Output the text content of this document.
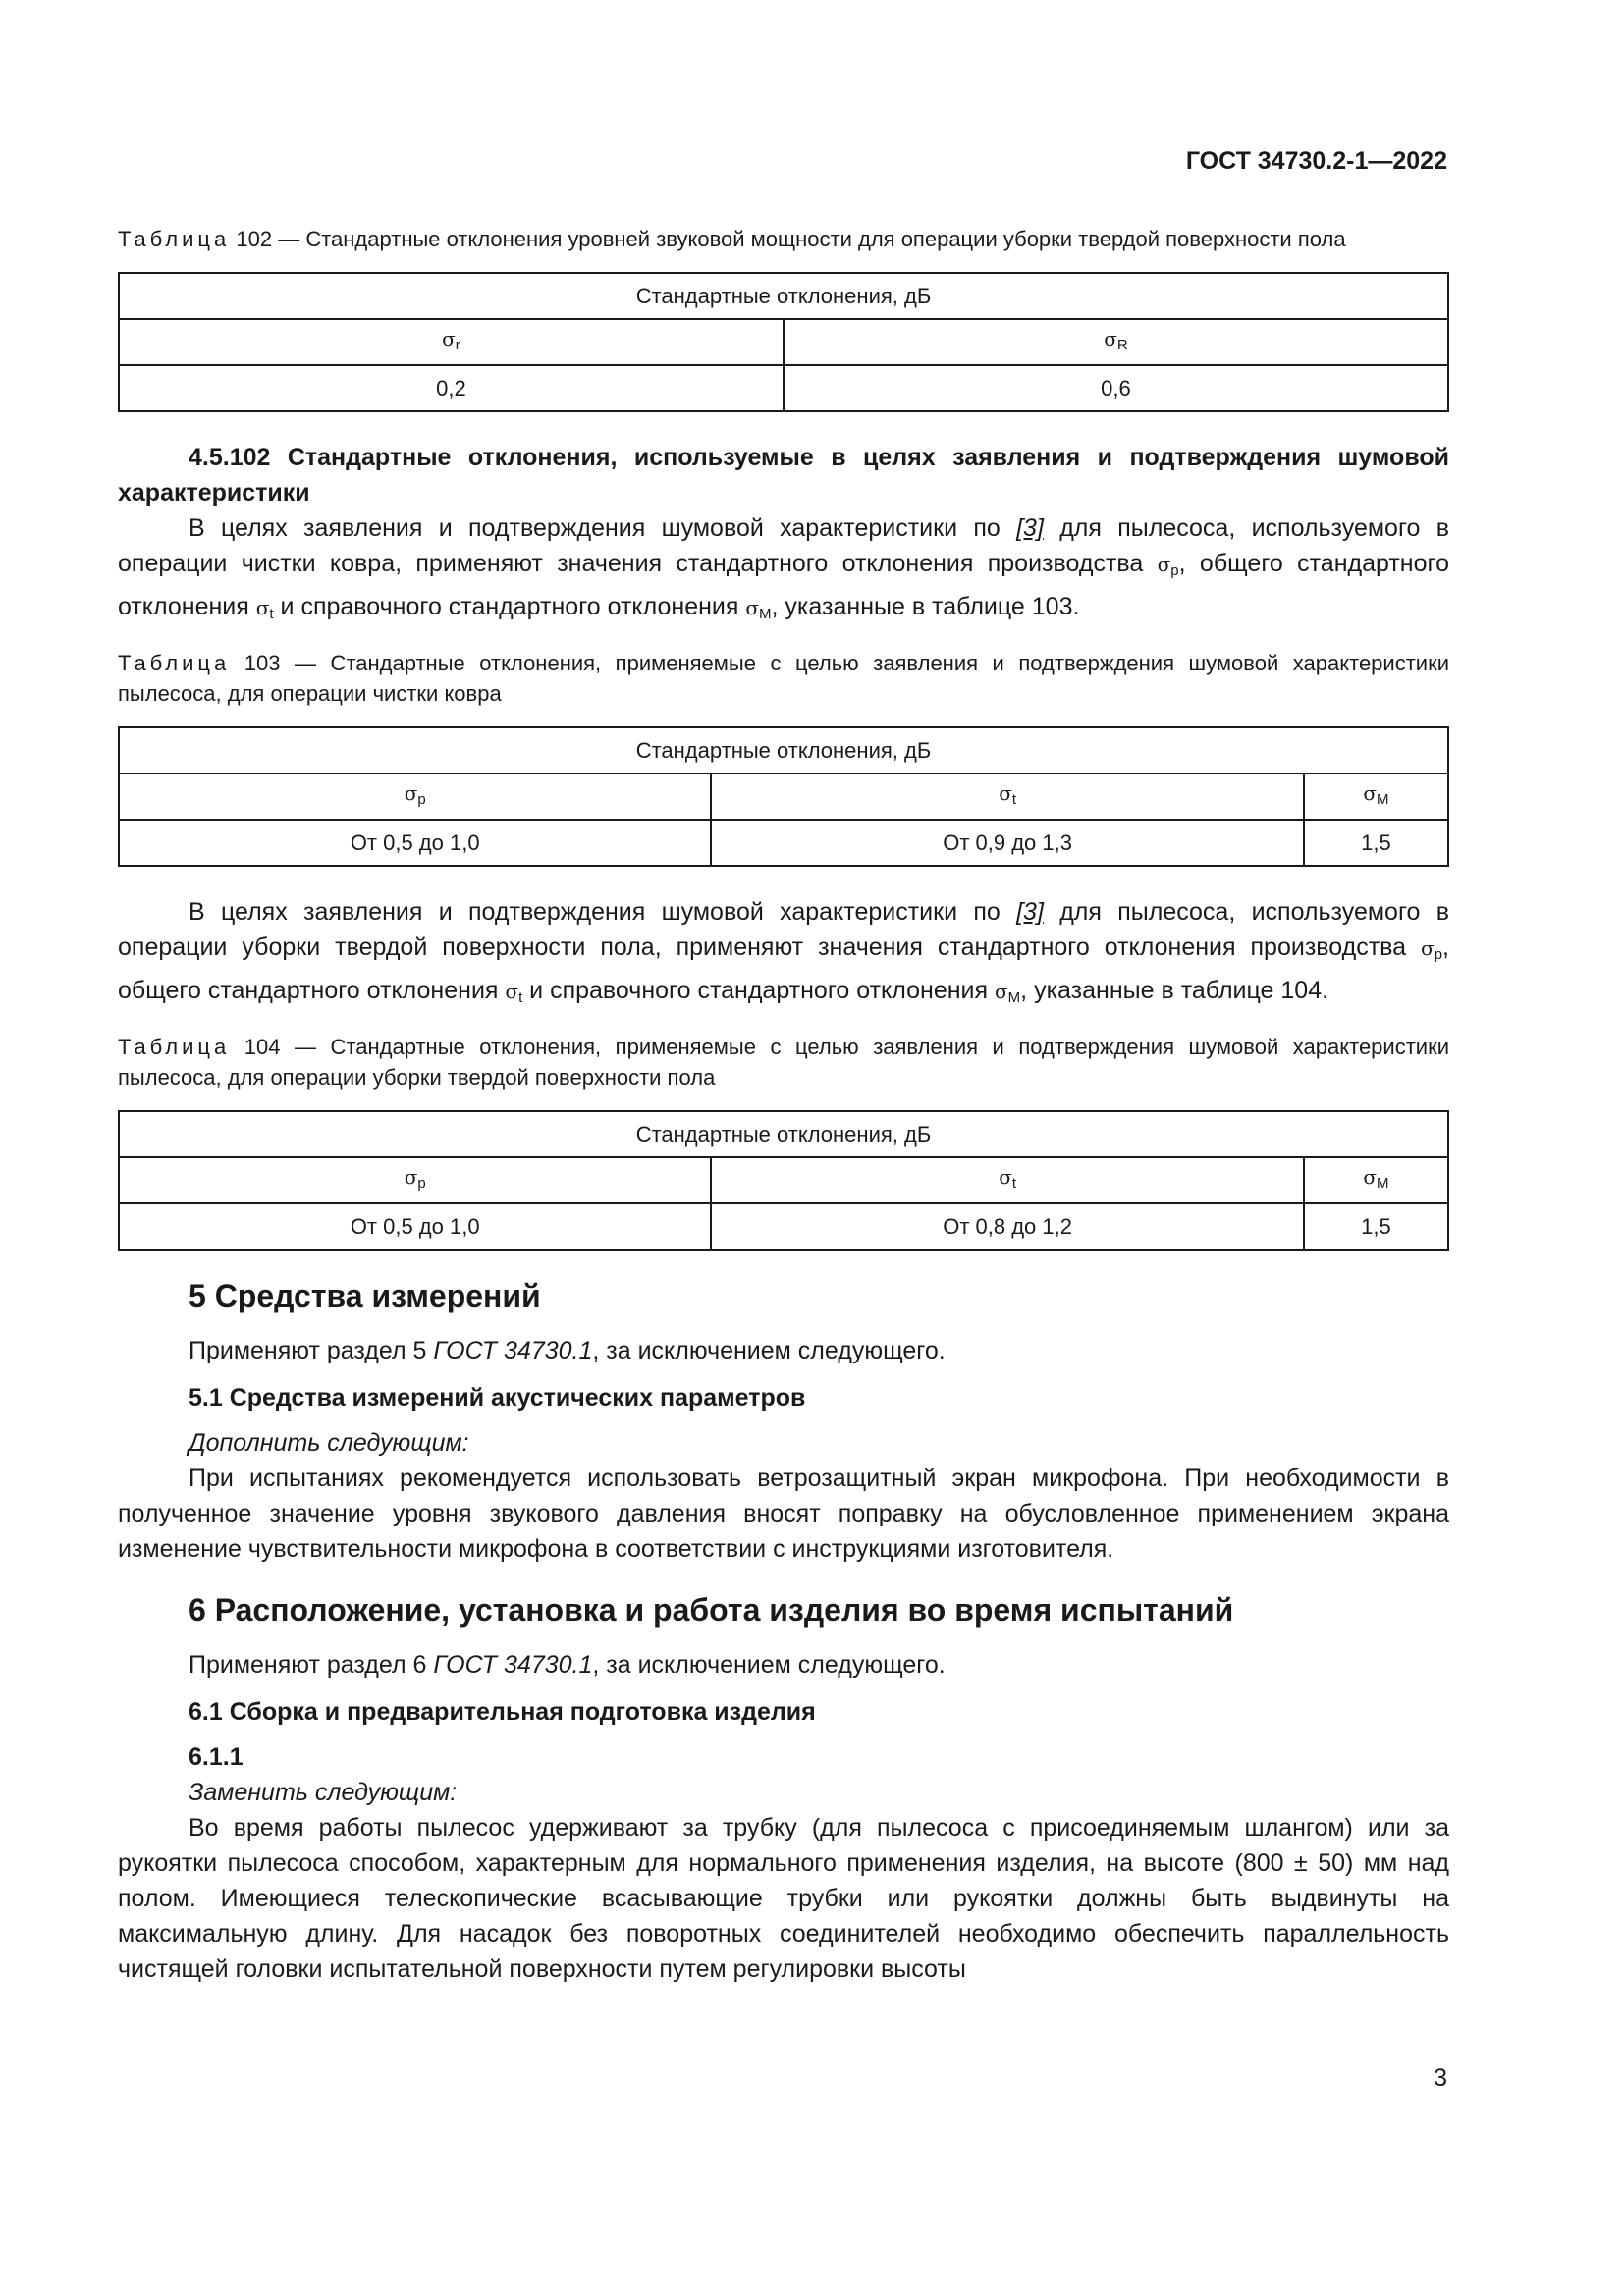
ГОСТ 34730.2-1—2022

Таблица 102 — Стандартные отклонения уровней звуковой мощности для операции уборки твердой поверхности пола

Стандартные отклонения, дБ	
$\sigma_r$	$\sigma_R$
0,2	0,6

4.5.102 Стандартные отклонения, используемые в целях заявления и подтверждения шумовой характеристики

В целях заявления и подтверждения шумовой характеристики по [3] для пылесоса, используемого в операции чистки ковра, применяют значения стандартного отклонения производства $\sigma_p$, общего стандартного отклонения $\sigma_t$ и справочного стандартного отклонения $\sigma_M$, указанные в таблице 103.

Таблица 103 — Стандартные отклонения, применяемые с целью заявления и подтверждения шумовой характеристики пылесоса, для операции чистки ковра

Стандартные отклонения, дБ		
$\sigma_p$	$\sigma_t$	$\sigma_M$
От 0,5 до 1,0	От 0,9 до 1,3	1,5

В целях заявления и подтверждения шумовой характеристики по [3] для пылесоса, используемого в операции уборки твердой поверхности пола, применяют значения стандартного отклонения производства $\sigma_p$, общего стандартного отклонения $\sigma_t$ и справочного стандартного отклонения $\sigma_M$, указанные в таблице 104.

Таблица 104 — Стандартные отклонения, применяемые с целью заявления и подтверждения шумовой характеристики пылесоса, для операции уборки твердой поверхности пола

Стандартные отклонения, дБ		
$\sigma_p$	$\sigma_t$	$\sigma_M$
От 0,5 до 1,0	От 0,8 до 1,2	1,5
5 Средства измерений

Применяют раздел 5 ГОСТ 34730.1, за исключением следующего.

5.1 Средства измерений акустических параметров

Дополнить следующим:

При испытаниях рекомендуется использовать ветрозащитный экран микрофона. При необходимости в полученное значение уровня звукового давления вносят поправку на обусловленное применением экрана изменение чувствительности микрофона в соответствии с инструкциями изготовителя.

6 Расположение, установка и работа изделия во время испытаний

Применяют раздел 6 ГОСТ 34730.1, за исключением следующего.

6.1 Сборка и предварительная подготовка изделия
6.1.1

Заменить следующим:

Во время работы пылесос удерживают за трубку (для пылесоса с присоединяемым шлангом) или за рукоятки пылесоса способом, характерным для нормального применения изделия, на высоте (800 ± 50) мм над полом. Имеющиеся телескопические всасывающие трубки или рукоятки должны быть выдвинуты на максимальную длину. Для насадок без поворотных соединителей необходимо обеспечить параллельность чистящей головки испытательной поверхности путем регулировки высоты

3
